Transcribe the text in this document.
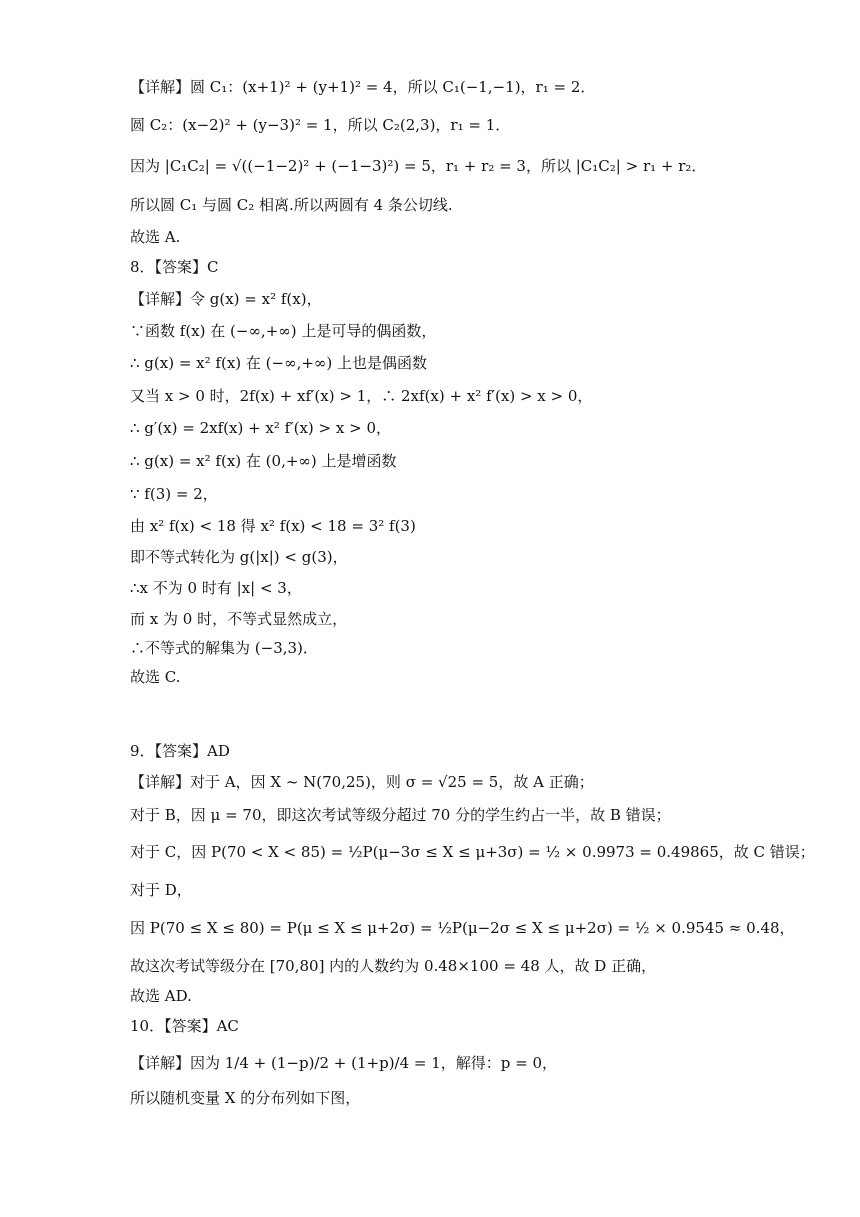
【详解】圆 C₁：(x+1)² + (y+1)² = 4，所以 C₁(−1,−1)，r₁ = 2．
圆 C₂：(x−2)² + (y−3)² = 1，所以 C₂(2,3)，r₁ = 1．
因为 |C₁C₂| = √((−1−2)² + (−1−3)²) = 5，r₁ + r₂ = 3，所以 |C₁C₂| > r₁ + r₂．
所以圆 C₁ 与圆 C₂ 相离.所以两圆有 4 条公切线.
故选 A.
8．【答案】C
【详解】令 g(x) = x² f(x)，
∵函数 f(x) 在 (−∞,+∞) 上是可导的偶函数，
∴ g(x) = x² f(x) 在 (−∞,+∞) 上也是偶函数
又当 x > 0 时，2f(x) + xf′(x) > 1，∴ 2xf(x) + x² f′(x) > x > 0，
∴ g′(x) = 2xf(x) + x² f′(x) > x > 0，
∴ g(x) = x² f(x) 在 (0,+∞) 上是增函数
∵ f(3) = 2，
由 x² f(x) < 18 得 x² f(x) < 18 = 3² f(3)
即不等式转化为 g(|x|) < g(3)，
∴x 不为 0 时有 |x| < 3，
而 x 为 0 时，不等式显然成立，
∴不等式的解集为 (−3,3)．
故选 C.
9．【答案】AD
【详解】对于 A，因 X ~ N(70,25)，则 σ = √25 = 5，故 A 正确；
对于 B，因 μ = 70，即这次考试等级分超过 70 分的学生约占一半，故 B 错误；
对于 C，因 P(70 < X < 85) = ½P(μ−3σ ≤ X ≤ μ+3σ) = ½ × 0.9973 = 0.49865，故 C 错误；
对于 D，
因 P(70 ≤ X ≤ 80) = P(μ ≤ X ≤ μ+2σ) = ½P(μ−2σ ≤ X ≤ μ+2σ) = ½ × 0.9545 ≈ 0.48，
故这次考试等级分在 [70,80] 内的人数约为 0.48×100 = 48 人，故 D 正确，
故选 AD.
10．【答案】AC
【详解】因为 1/4 + (1−p)/2 + (1+p)/4 = 1，解得：p = 0，
所以随机变量 X 的分布列如下图，
